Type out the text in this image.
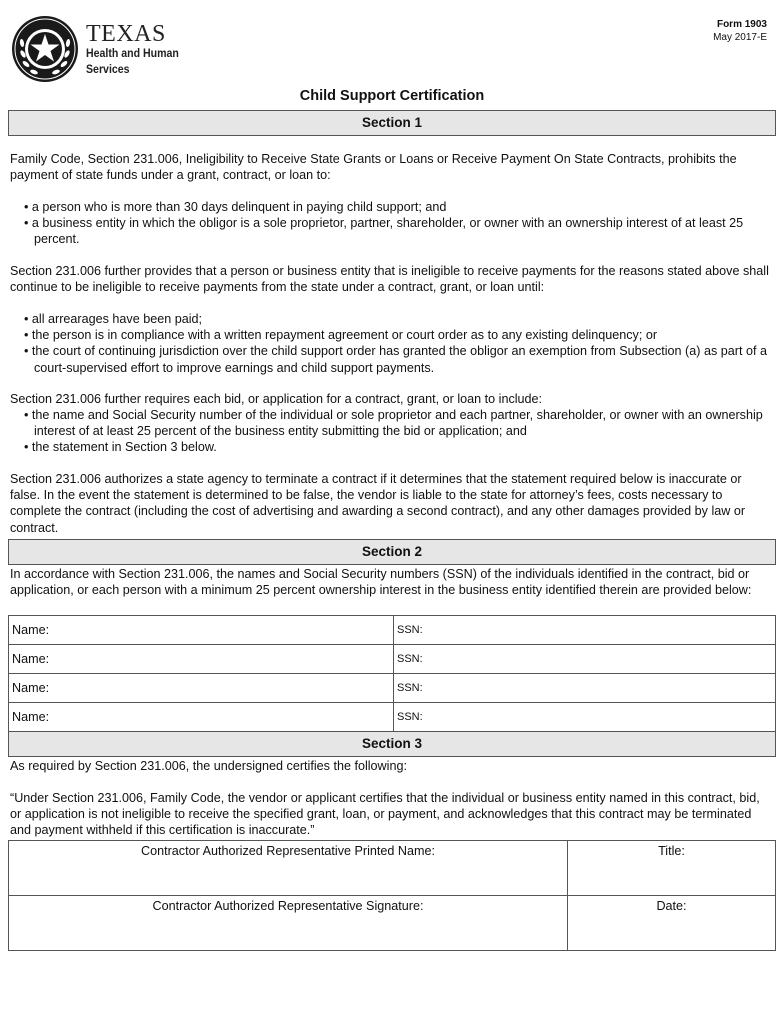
TEXAS
Health and Human
Services
Form 1903
May 2017-E
Child Support Certification
Section 1
Family Code, Section 231.006, Ineligibility to Receive State Grants or Loans or Receive Payment On State Contracts, prohibits the payment of state funds under a grant, contract, or loan to:
• a person who is more than 30 days delinquent in paying child support; and
• a business entity in which the obligor is a sole proprietor, partner, shareholder, or owner with an ownership interest of at least 25 percent.
Section 231.006 further provides that a person or business entity that is ineligible to receive payments for the reasons stated above shall continue to be ineligible to receive payments from the state under a contract, grant, or loan until:
• all arrearages have been paid;
• the person is in compliance with a written repayment agreement or court order as to any existing delinquency; or
• the court of continuing jurisdiction over the child support order has granted the obligor an exemption from Subsection (a) as part of a court-supervised effort to improve earnings and child support payments.
Section 231.006 further requires each bid, or application for a contract, grant, or loan to include:
• the name and Social Security number of the individual or sole proprietor and each partner, shareholder, or owner with an ownership interest of at least 25 percent of the business entity submitting the bid or application; and
• the statement in Section 3 below.
Section 231.006 authorizes a state agency to terminate a contract if it determines that the statement required below is inaccurate or false. In the event the statement is determined to be false, the vendor is liable to the state for attorney’s fees, costs necessary to complete the contract (including the cost of advertising and awarding a second contract), and any other damages provided by law or contract.
Section 2
In accordance with Section 231.006, the names and Social Security numbers (SSN) of the individuals identified in the contract, bid or application, or each person with a minimum 25 percent ownership interest in the business entity identified therein are provided below:
Name:	SSN:
Name:	SSN:
Name:	SSN:
Name:	SSN:
Section 3
As required by Section 231.006, the undersigned certifies the following:
“Under Section 231.006, Family Code, the vendor or applicant certifies that the individual or business entity named in this contract, bid, or application is not ineligible to receive the specified grant, loan, or payment, and acknowledges that this contract may be terminated and payment withheld if this certification is inaccurate.”
Contractor Authorized Representative Printed Name:	Title:
Contractor Authorized Representative Signature:	Date:
